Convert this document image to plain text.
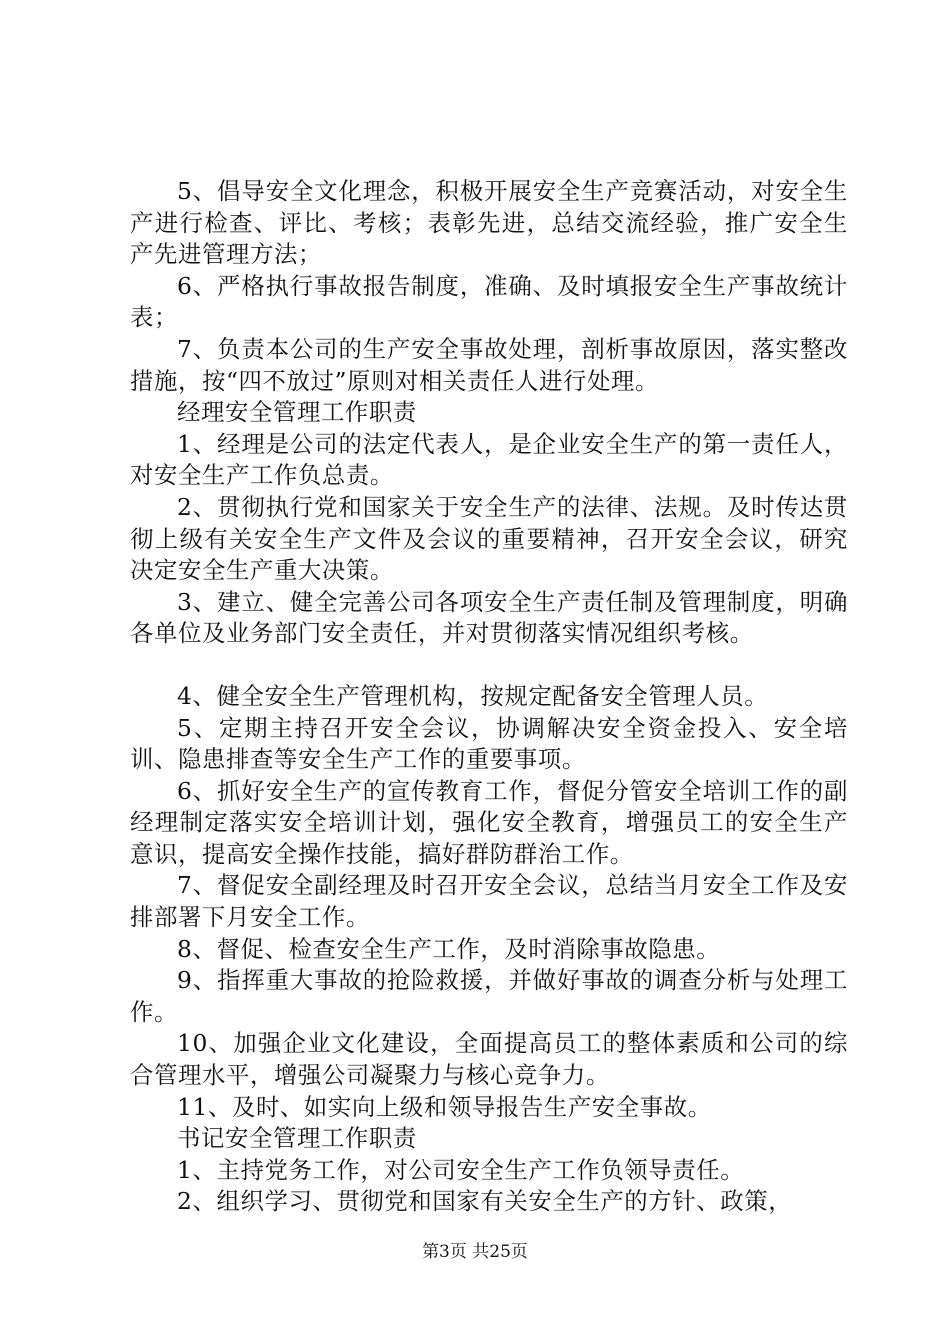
5、倡导安全文化理念，积极开展安全生产竞赛活动，对安全生产进行检查、评比、考核；表彰先进，总结交流经验，推广安全生产先进管理方法；

6、严格执行事故报告制度，准确、及时填报安全生产事故统计表；

7、负责本公司的生产安全事故处理，剖析事故原因，落实整改措施，按“四不放过”原则对相关责任人进行处理。

经理安全管理工作职责

1、经理是公司的法定代表人，是企业安全生产的第一责任人，对安全生产工作负总责。

2、贯彻执行党和国家关于安全生产的法律、法规。及时传达贯彻上级有关安全生产文件及会议的重要精神，召开安全会议，研究决定安全生产重大决策。

3、建立、健全完善公司各项安全生产责任制及管理制度，明确各单位及业务部门安全责任，并对贯彻落实情况组织考核。

4、健全安全生产管理机构，按规定配备安全管理人员。

5、定期主持召开安全会议，协调解决安全资金投入、安全培训、隐患排查等安全生产工作的重要事项。

6、抓好安全生产的宣传教育工作，督促分管安全培训工作的副经理制定落实安全培训计划，强化安全教育，增强员工的安全生产意识，提高安全操作技能，搞好群防群治工作。

7、督促安全副经理及时召开安全会议，总结当月安全工作及安排部署下月安全工作。

8、督促、检查安全生产工作，及时消除事故隐患。

9、指挥重大事故的抢险救援，并做好事故的调查分析与处理工作。

10、加强企业文化建设，全面提高员工的整体素质和公司的综合管理水平，增强公司凝聚力与核心竞争力。

11、及时、如实向上级和领导报告生产安全事故。

书记安全管理工作职责

1、主持党务工作，对公司安全生产工作负领导责任。

2、组织学习、贯彻党和国家有关安全生产的方针、政策，

第3页 共25页
